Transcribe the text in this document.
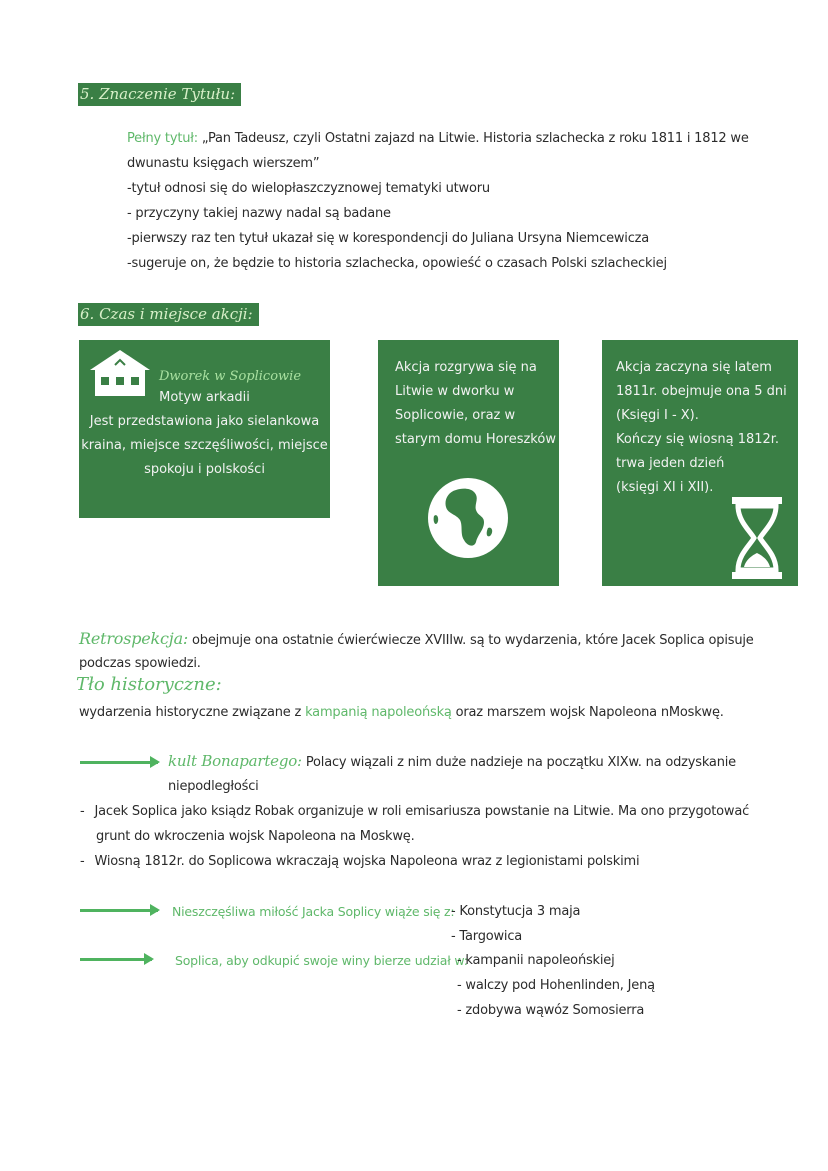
5. Znaczenie Tytułu:
Pełny tytuł: „Pan Tadeusz, czyli Ostatni zajazd na Litwie. Historia szlachecka z roku 1811 i 1812 we
dwunastu księgach wierszem”
-tytuł odnosi się do wielopłaszczyznowej tematyki utworu
- przyczyny takiej nazwy nadal są badane
-pierwszy raz ten tytuł ukazał się w korespondencji do Juliana Ursyna Niemcewicza
-sugeruje on, że będzie to historia szlachecka, opowieść o czasach Polski szlacheckiej
6. Czas i miejsce akcji:
Dworek w Soplicowie
Motyw arkadii
Jest przedstawiona jako sielankowa
kraina, miejsce szczęśliwości, miejsce
spokoju i polskości
Akcja rozgrywa się na
Litwie w dworku w
Soplicowie, oraz w
starym domu Horeszków
Akcja zaczyna się latem
1811r. obejmuje ona 5 dni
(Księgi I - X).
Kończy się wiosną 1812r.
trwa jeden dzień
(księgi XI i XII).
Retrospekcja: obejmuje ona ostatnie ćwierćwiecze XVIIIw. są to wydarzenia, które Jacek Soplica opisuje
podczas spowiedzi.
Tło historyczne:
wydarzenia historyczne związane z kampanią napoleońską oraz marszem wojsk Napoleona nMoskwę.
kult Bonapartego: Polacy wiązali z nim duże nadzieje na początku XIXw. na odzyskanie
niepodległości
- Jacek Soplica jako ksiądz Robak organizuje w roli emisariusza powstanie na Litwie. Ma ono przygotować
grunt do wkroczenia wojsk Napoleona na Moskwę.
- Wiosną 1812r. do Soplicowa wkraczają wojska Napoleona wraz z legionistami polskimi
Nieszczęśliwa miłość Jacka Soplicy wiąże się z:
- Konstytucja 3 maja
- Targowica
Soplica, aby odkupić swoje winy bierze udział w:
- kampanii napoleońskiej
- walczy pod Hohenlinden, Jeną
- zdobywa wąwóz Somosierra
